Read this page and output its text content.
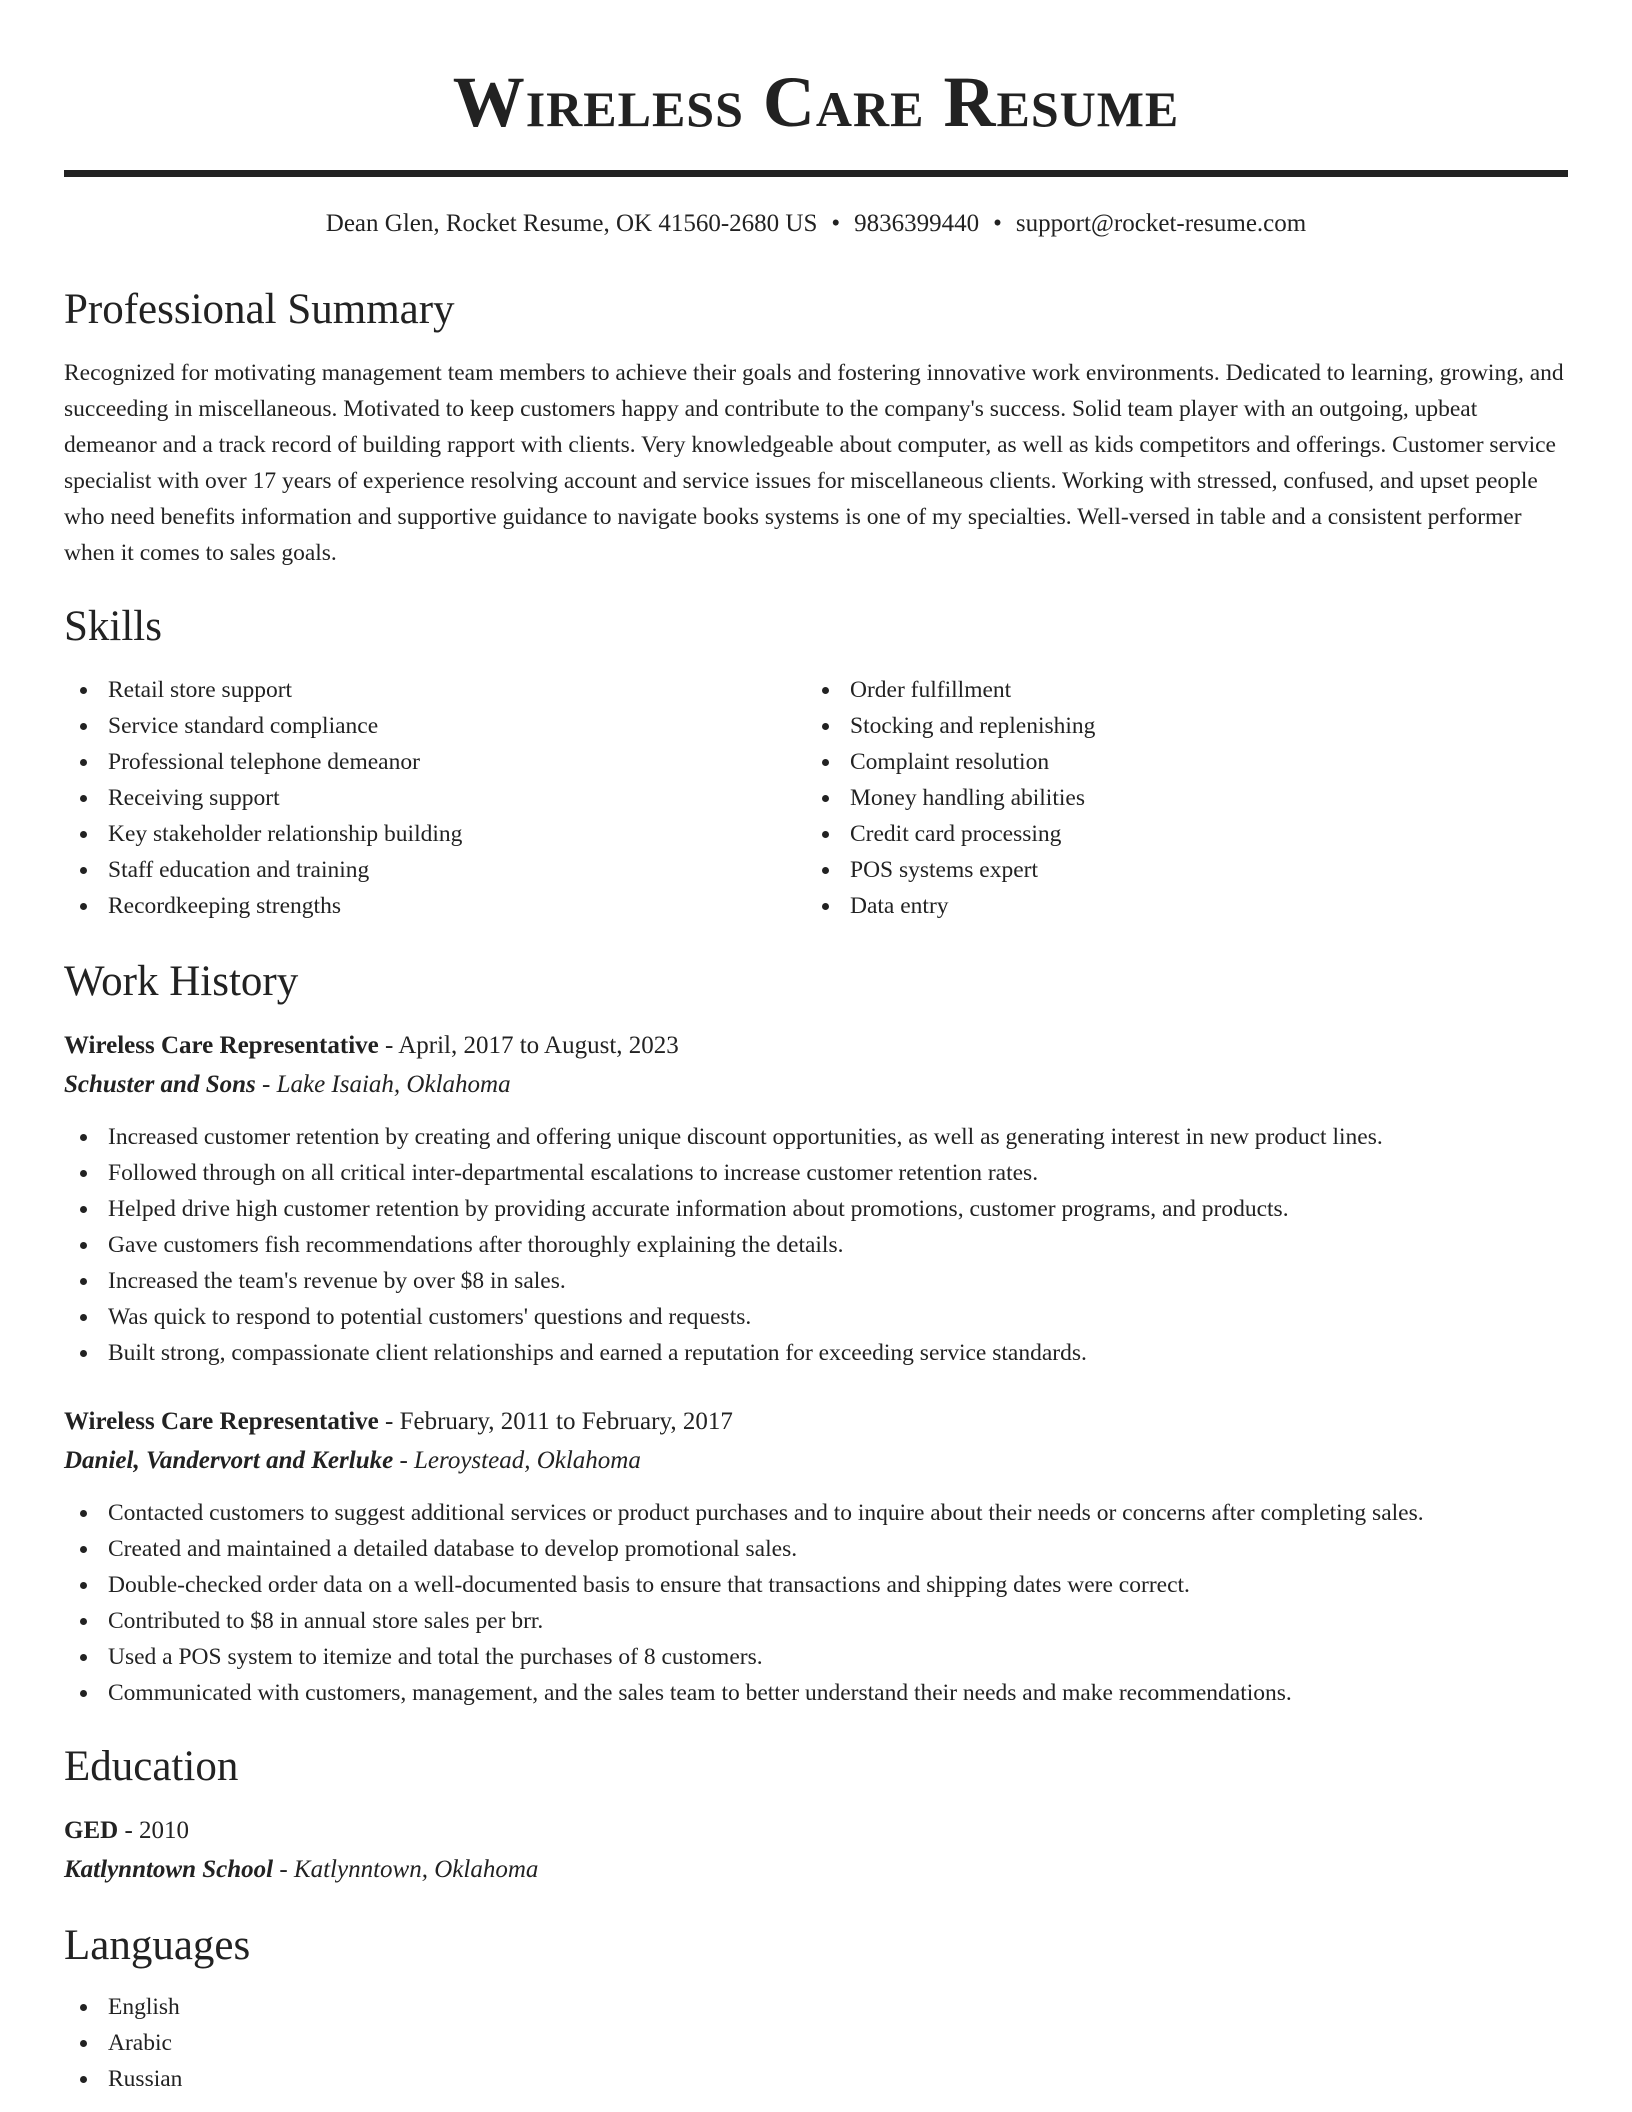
Wireless Care Resume
Dean Glen, Rocket Resume, OK 41560-2680 US • 9836399440 • support@rocket-resume.com
Professional Summary

Recognized for motivating management team members to achieve their goals and fostering innovative work environments. Dedicated to learning, growing, and succeeding in miscellaneous. Motivated to keep customers happy and contribute to the company's success. Solid team player with an outgoing, upbeat demeanor and a track record of building rapport with clients. Very knowledgeable about computer, as well as kids competitors and offerings. Customer service specialist with over 17 years of experience resolving account and service issues for miscellaneous clients. Working with stressed, confused, and upset people who need benefits information and supportive guidance to navigate books systems is one of my specialties. Well-versed in table and a consistent performer when it comes to sales goals.

Skills
Retail store support
Service standard compliance
Professional telephone demeanor
Receiving support
Key stakeholder relationship building
Staff education and training
Recordkeeping strengths
Order fulfillment
Stocking and replenishing
Complaint resolution
Money handling abilities
Credit card processing
POS systems expert
Data entry
Work History
Wireless Care Representative - April, 2017 to August, 2023
Schuster and Sons - Lake Isaiah, Oklahoma
Increased customer retention by creating and offering unique discount opportunities, as well as generating interest in new product lines.
Followed through on all critical inter-departmental escalations to increase customer retention rates.
Helped drive high customer retention by providing accurate information about promotions, customer programs, and products.
Gave customers fish recommendations after thoroughly explaining the details.
Increased the team's revenue by over $8 in sales.
Was quick to respond to potential customers' questions and requests.
Built strong, compassionate client relationships and earned a reputation for exceeding service standards.
Wireless Care Representative - February, 2011 to February, 2017
Daniel, Vandervort and Kerluke - Leroystead, Oklahoma
Contacted customers to suggest additional services or product purchases and to inquire about their needs or concerns after completing sales.
Created and maintained a detailed database to develop promotional sales.
Double-checked order data on a well-documented basis to ensure that transactions and shipping dates were correct.
Contributed to $8 in annual store sales per brr.
Used a POS system to itemize and total the purchases of 8 customers.
Communicated with customers, management, and the sales team to better understand their needs and make recommendations.
Education
GED - 2010
Katlynntown School - Katlynntown, Oklahoma
Languages
English
Arabic
Russian
